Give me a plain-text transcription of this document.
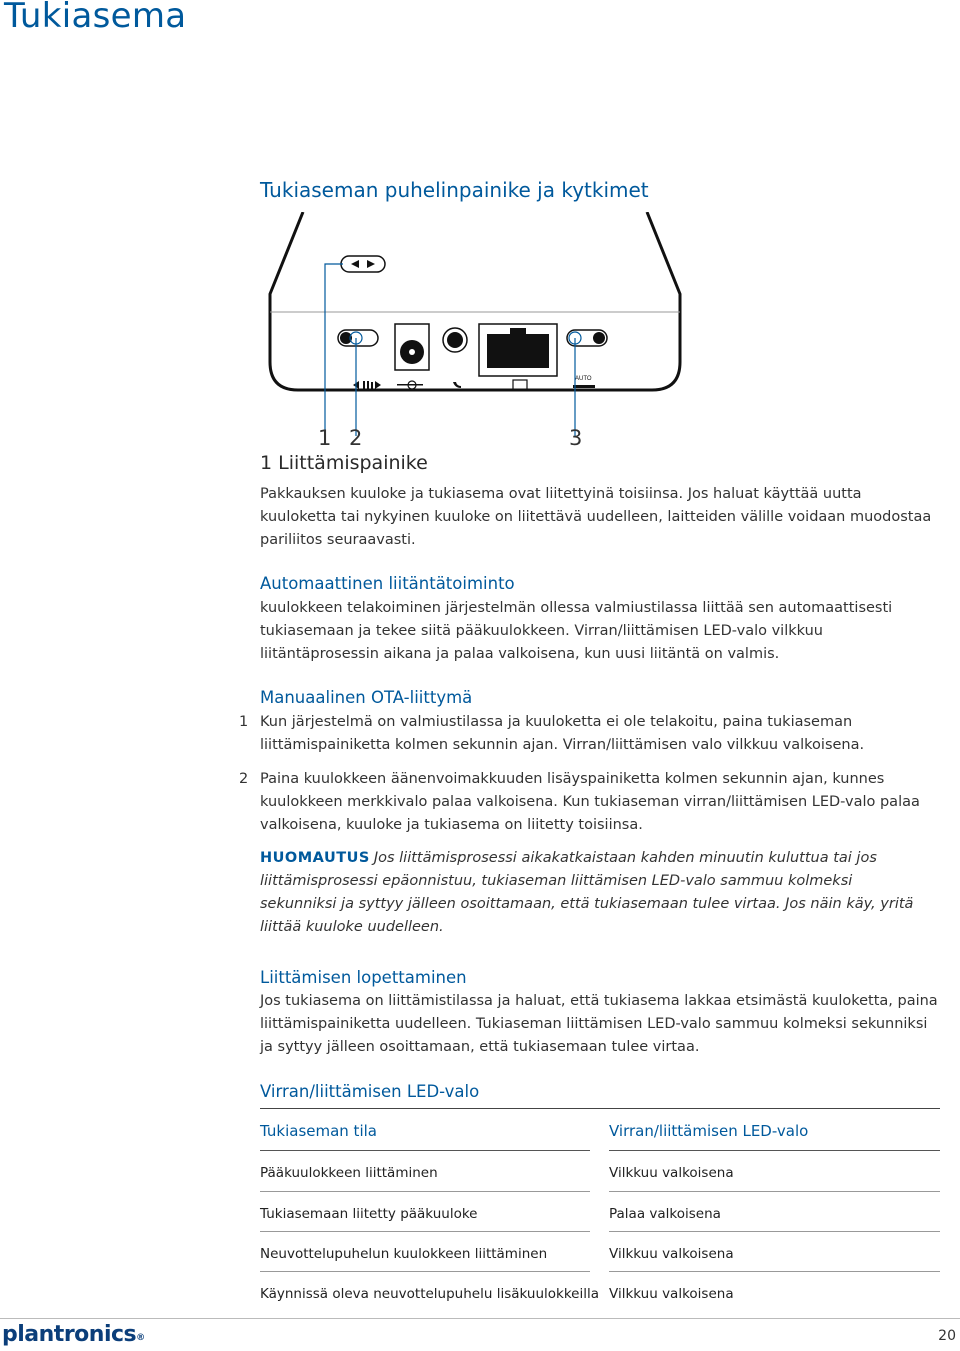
Tukiasema
Tukiaseman puhelinpainike ja kytkimet
AUTO
1 2	3
1 Liittämispainike

Pakkauksen kuuloke ja tukiasema ovat liitettyinä toisiinsa. Jos haluat käyttää uutta kuuloketta tai nykyinen kuuloke on liitettävä uudelleen, laitteiden välille voidaan muodostaa pariliitos seuraavasti.

Automaattinen liitäntätoiminto

kuulokkeen telakoiminen järjestelmän ollessa valmiustilassa liittää sen automaattisesti tukiasemaan ja tekee siitä pääkuulokkeen. Virran/liittämisen LED-valo vilkkuu liitäntäprosessin aikana ja palaa valkoisena, kun uusi liitäntä on valmis.

Manuaalinen OTA-liittymä
1 Kun järjestelmä on valmiustilassa ja kuuloketta ei ole telakoitu, paina tukiaseman liittämispainiketta kolmen sekunnin ajan. Virran/liittämisen valo vilkkuu valkoisena.

2 Paina kuulokkeen äänenvoimakkuuden lisäyspainiketta kolmen sekunnin ajan, kunnes kuulokkeen merkkivalo palaa valkoisena. Kun tukiaseman virran/liittämisen LED-valo palaa valkoisena, kuuloke ja tukiasema on liitetty toisiinsa.

HUOMAUTUS Jos liittämisprosessi aikakatkaistaan kahden minuutin kuluttua tai jos liittämisprosessi epäonnistuu, tukiaseman liittämisen LED-valo sammuu kolmeksi sekunniksi ja syttyy jälleen osoittamaan, että tukiasemaan tulee virtaa. Jos näin käy, yritä liittää kuuloke uudelleen.

Liittämisen lopettaminen

Jos tukiasema on liittämistilassa ja haluat, että tukiasema lakkaa etsimästä kuuloketta, paina liittämispainiketta uudelleen. Tukiaseman liittämisen LED-valo sammuu kolmeksi sekunniksi ja syttyy jälleen osoittamaan, että tukiasemaan tulee virtaa.

Virran/liittämisen LED-valo
Tukiaseman tila	Virran/liittämisen LED-valo
Pääkuulokkeen liittäminen	Vilkkuu valkoisena
Tukiasemaan liitetty pääkuuloke	Palaa valkoisena
Neuvottelupuhelun kuulokkeen liittäminen	Vilkkuu valkoisena
Käynnissä oleva neuvottelupuhelu lisäkuulokkeilla Vilkkuu valkoisena
plantronics®	20
